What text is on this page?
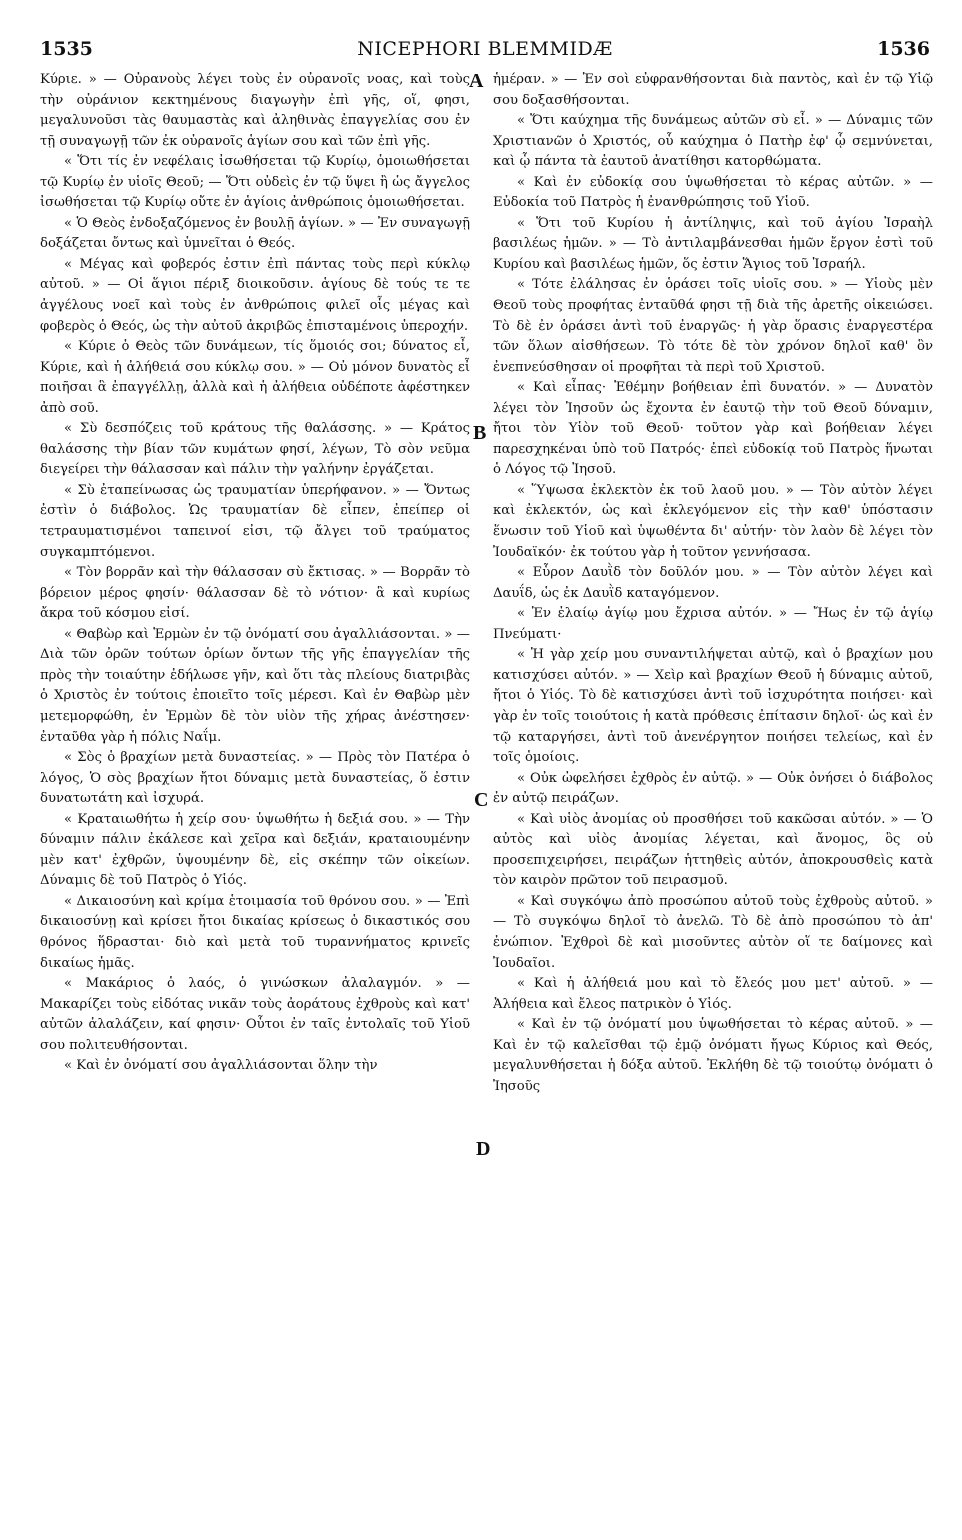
1535	NICEPHORI BLEMMIDÆ	1536
A
B
C
D

Κύριε. » — Οὐρανοὺς λέγει τοὺς ἐν οὐρανοῖς νοας, καὶ τοὺς τὴν οὐράνιον κεκτημένους διαγωγὴν ἐπὶ γῆς, οἵ, φησι, μεγαλυνοῦσι τὰς θαυμαστὰς καὶ ἀληθινὰς ἐπαγγελίας σου ἐν τῇ συναγωγῇ τῶν ἐκ οὐρανοῖς ἁγίων σου καὶ τῶν ἐπὶ γῆς.

« Ὅτι τίς ἐν νεφέλαις ἰσωθήσεται τῷ Κυρίῳ, ὁμοιωθήσεται τῷ Κυρίῳ ἐν υἱοῖς Θεοῦ; — Ὅτι οὐδεὶς ἐν τῷ ὕψει ἢ ὡς ἄγγελος ἰσωθήσεται τῷ Κυρίῳ οὔτε ἐν ἁγίοις ἀνθρώποις ὁμοιωθήσεται.

« Ὁ Θεὸς ἐνδοξαζόμενος ἐν βουλῇ ἁγίων. » — Ἐν συναγωγῇ δοξάζεται ὄντως καὶ ὑμνεῖται ὁ Θεός.

« Μέγας καὶ φοβερός ἐστιν ἐπὶ πάντας τοὺς περὶ κύκλῳ αὐτοῦ. » — Οἱ ἅγιοι πέριξ διοικοῦσιν. ἁγίους δὲ τούς τε τε ἀγγέλους νοεῖ καὶ τοὺς ἐν ἀνθρώποις φιλεῖ οἷς μέγας καὶ φοβερὸς ὁ Θεός, ὡς τὴν αὐτοῦ ἀκριβῶς ἐπισταμένοις ὑπεροχήν.

« Κύριε ὁ Θεὸς τῶν δυνάμεων, τίς ὅμοιός σοι; δύνατος εἶ, Κύριε, καὶ ἡ ἀλήθειά σου κύκλῳ σου. » — Οὐ μόνον δυνατὸς εἶ ποιῆσαι ἃ ἐπαγγέλλῃ, ἀλλὰ καὶ ἡ ἀλήθεια οὐδέποτε ἀφέστηκεν ἀπὸ σοῦ.

« Σὺ δεσπόζεις τοῦ κράτους τῆς θαλάσσης. » — Κράτος θαλάσσης τὴν βίαν τῶν κυμάτων φησί, λέγων, Τὸ σὸν νεῦμα διεγείρει τὴν θάλασσαν καὶ πάλιν τὴν γαλήνην ἐργάζεται.

« Σὺ ἐταπείνωσας ὡς τραυματίαν ὑπερήφανον. » — Ὄντως ἐστὶν ὁ διάβολος. Ὡς τραυματίαν δὲ εἶπεν, ἐπείπερ οἱ τετραυματισμένοι ταπεινοί εἰσι, τῷ ἄλγει τοῦ τραύματος συγκαμπτόμενοι.

« Τὸν βορρᾶν καὶ τὴν θάλασσαν σὺ ἔκτισας. » — Βορρᾶν τὸ βόρειον μέρος φησίν· θάλασσαν δὲ τὸ νότιον· ἃ καὶ κυρίως ἄκρα τοῦ κόσμου εἰσί.

« Θαβὼρ καὶ Ἑρμὼν ἐν τῷ ὀνόματί σου ἀγαλλιάσονται. » — Διὰ τῶν ὀρῶν τούτων ὁρίων ὄντων τῆς γῆς ἐπαγγελίαν τῆς πρὸς τὴν τοιαύτην ἐδήλωσε γῆν, καὶ ὅτι τὰς πλείους διατριβὰς ὁ Χριστὸς ἐν τούτοις ἐποιεῖτο τοῖς μέρεσι. Καὶ ἐν Θαβὼρ μὲν μετεμορφώθη, ἐν Ἑρμὼν δὲ τὸν υἱὸν τῆς χήρας ἀνέστησεν· ἐνταῦθα γὰρ ἡ πόλις Ναΐμ.

« Σὸς ὁ βραχίων μετὰ δυναστείας. » — Πρὸς τὸν Πατέρα ὁ λόγος, Ὁ σὸς βραχίων ἤτοι δύναμις μετὰ δυναστείας, ὅ ἐστιν δυνατωτάτη καὶ ἰσχυρά.

« Κραταιωθήτω ἡ χείρ σου· ὑψωθήτω ἡ δεξιά σου. » — Τὴν δύναμιν πάλιν ἐκάλεσε καὶ χεῖρα καὶ δεξιάν, κραταιουμένην μὲν κατ' ἐχθρῶν, ὑψουμένην δὲ, εἰς σκέπην τῶν οἰκείων. Δύναμις δὲ τοῦ Πατρὸς ὁ Υἱός.

« Δικαιοσύνη καὶ κρίμα ἑτοιμασία τοῦ θρόνου σου. » — Ἐπὶ δικαιοσύνῃ καὶ κρίσει ἤτοι δικαίας κρίσεως ὁ δικαστικός σου θρόνος ἥδρασται· διὸ καὶ μετὰ τοῦ τυραννήματος κρινεῖς δικαίως ἡμᾶς.

« Μακάριος ὁ λαός, ὁ γινώσκων ἀλαλαγμόν. » — Μακαρίζει τοὺς εἰδότας νικᾶν τοὺς ἀοράτους ἐχθροὺς καὶ κατ' αὐτῶν ἀλαλάζειν, καί φησιν· Οὗτοι ἐν ταῖς ἐντολαῖς τοῦ Υἱοῦ σου πολιτευθήσονται.

« Καὶ ἐν ὀνόματί σου ἀγαλλιάσονται ὅλην τὴν

ἡμέραν. » — Ἐν σοὶ εὐφρανθήσονται διὰ παντὸς, καὶ ἐν τῷ Υἱῷ σου δοξασθήσονται.

« Ὅτι καύχημα τῆς δυνάμεως αὐτῶν σὺ εἶ. » — Δύναμις τῶν Χριστιανῶν ὁ Χριστός, οὗ καύχημα ὁ Πατὴρ ἐφ' ᾧ σεμνύνεται, καὶ ᾧ πάντα τὰ ἑαυτοῦ ἀνατίθησι κατορθώματα.

« Καὶ ἐν εὐδοκίᾳ σου ὑψωθήσεται τὸ κέρας αὐτῶν. » — Εὐδοκία τοῦ Πατρὸς ἡ ἐνανθρώπησις τοῦ Υἱοῦ.

« Ὅτι τοῦ Κυρίου ἡ ἀντίληψις, καὶ τοῦ ἁγίου Ἰσραὴλ βασιλέως ἡμῶν. » — Τὸ ἀντιλαμβάνεσθαι ἡμῶν ἔργον ἐστὶ τοῦ Κυρίου καὶ βασιλέως ἡμῶν, ὅς ἐστιν Ἅγιος τοῦ Ἰσραήλ.

« Τότε ἐλάλησας ἐν ὁράσει τοῖς υἱοῖς σου. » — Υἱοὺς μὲν Θεοῦ τοὺς προφήτας ἐνταῦθά φησι τῇ διὰ τῆς ἀρετῆς οἰκειώσει. Τὸ δὲ ἐν ὁράσει ἀντὶ τοῦ ἐναργῶς· ἡ γὰρ ὅρασις ἐναργεστέρα τῶν ὅλων αἰσθήσεων. Τὸ τότε δὲ τὸν χρόνον δηλοῖ καθ' ὃν ἐνεπνεύσθησαν οἱ προφῆται τὰ περὶ τοῦ Χριστοῦ.

« Καὶ εἶπας· Ἐθέμην βοήθειαν ἐπὶ δυνατόν. » — Δυνατὸν λέγει τὸν Ἰησοῦν ὡς ἔχοντα ἐν ἑαυτῷ τὴν τοῦ Θεοῦ δύναμιν, ἤτοι τὸν Υἱὸν τοῦ Θεοῦ· τοῦτον γὰρ καὶ βοήθειαν λέγει παρεσχηκέναι ὑπὸ τοῦ Πατρός· ἐπεὶ εὐδοκίᾳ τοῦ Πατρὸς ἥνωται ὁ Λόγος τῷ Ἰησοῦ.

« Ὕψωσα ἐκλεκτὸν ἐκ τοῦ λαοῦ μου. » — Τὸν αὐτὸν λέγει καὶ ἐκλεκτόν, ὡς καὶ ἐκλεγόμενον εἰς τὴν καθ' ὑπόστασιν ἕνωσιν τοῦ Υἱοῦ καὶ ὑψωθέντα δι' αὐτήν· τὸν λαὸν δὲ λέγει τὸν Ἰουδαϊκόν· ἐκ τούτου γὰρ ἡ τοῦτον γεννήσασα.

« Εὗρον Δαυῒδ τὸν δοῦλόν μου. » — Τὸν αὐτὸν λέγει καὶ Δαυΐδ, ὡς ἐκ Δαυῒδ καταγόμενον.

« Ἐν ἐλαίῳ ἁγίῳ μου ἔχρισα αὐτόν. » — Ἤως ἐν τῷ ἁγίῳ Πνεύματι·

« Ἡ γὰρ χείρ μου συναντιλήψεται αὐτῷ, καὶ ὁ βραχίων μου κατισχύσει αὐτόν. » — Χεὶρ καὶ βραχίων Θεοῦ ἡ δύναμις αὐτοῦ, ἤτοι ὁ Υἱός. Τὸ δὲ κατισχύσει ἀντὶ τοῦ ἰσχυρότητα ποιήσει· καὶ γὰρ ἐν τοῖς τοιούτοις ἡ κατὰ πρόθεσις ἐπίτασιν δηλοῖ· ὡς καὶ ἐν τῷ καταργήσει, ἀντὶ τοῦ ἀνενέργητον ποιήσει τελείως, καὶ ἐν τοῖς ὁμοίοις.

« Οὐκ ὠφελήσει ἐχθρὸς ἐν αὐτῷ. » — Οὐκ ὀνήσει ὁ διάβολος ἐν αὐτῷ πειράζων.

« Καὶ υἱὸς ἀνομίας οὐ προσθήσει τοῦ κακῶσαι αὐτόν. » — Ὁ αὐτὸς καὶ υἱὸς ἀνομίας λέγεται, καὶ ἄνομος, ὃς οὐ προσεπιχειρήσει, πειράζων ἡττηθεὶς αὐτόν, ἀποκρουσθεὶς κατὰ τὸν καιρὸν πρῶτον τοῦ πειρασμοῦ.

« Καὶ συγκόψω ἀπὸ προσώπου αὐτοῦ τοὺς ἐχθροὺς αὐτοῦ. » — Τὸ συγκόψω δηλοῖ τὸ ἀνελῶ. Τὸ δὲ ἀπὸ προσώπου τὸ ἀπ' ἐνώπιον. Ἐχθροὶ δὲ καὶ μισοῦντες αὐτὸν οἵ τε δαίμονες καὶ Ἰουδαῖοι.

« Καὶ ἡ ἀλήθειά μου καὶ τὸ ἔλεός μου μετ' αὐτοῦ. » — Ἀλήθεια καὶ ἔλεος πατρικὸν ὁ Υἱός.

« Καὶ ἐν τῷ ὀνόματί μου ὑψωθήσεται τὸ κέρας αὐτοῦ. » — Καὶ ἐν τῷ καλεῖσθαι τῷ ἐμῷ ὀνόματι ἤγως Κύριος καὶ Θεός, μεγαλυνθήσεται ἡ δόξα αὐτοῦ. Ἐκλήθη δὲ τῷ τοιούτῳ ὀνόματι ὁ Ἰησοῦς
